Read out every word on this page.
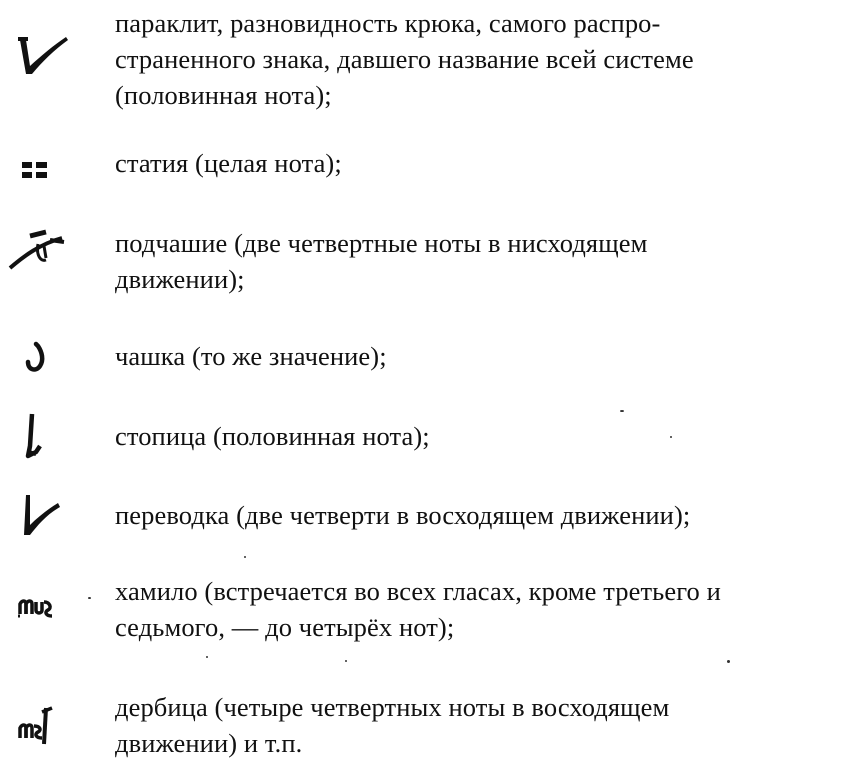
параклит, разновидность крюка, самого распро-
страненного знака, давшего название всей системе
(половинная нота);
статия (целая нота);
подчашие (две четвертные ноты в нисходящем
движении);
чашка (то же значение);
стопица (половинная нота);
переводка (две четверти в восходящем движении);
хамило (встречается во всех гласах, кроме третьего и
седьмого, — до четырёх нот);
дербица (четыре четвертных ноты в восходящем
движении) и т.п.
